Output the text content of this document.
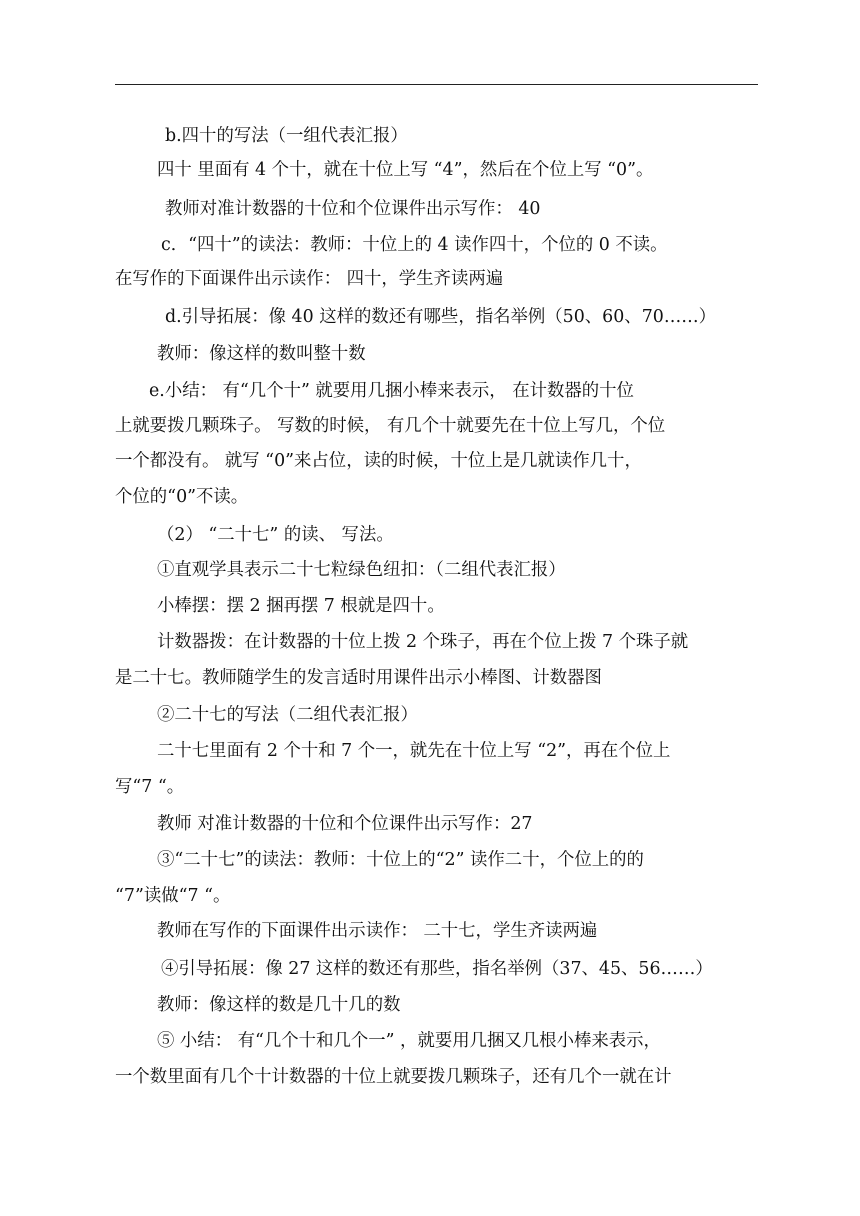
b.四十的写法（一组代表汇报）
四十 里面有 4 个十，就在十位上写 “4”，然后在个位上写 “0”。
教师对准计数器的十位和个位课件出示写作： 40
c．“四十”的读法：教师：十位上的 4 读作四十，个位的 0 不读。
在写作的下面课件出示读作： 四十，学生齐读两遍
d.引导拓展：像 40 这样的数还有哪些，指名举例（50、60、70……）
教师：像这样的数叫整十数
e.小结： 有“几个十” 就要用几捆小棒来表示， 在计数器的十位
上就要拨几颗珠子。 写数的时候， 有几个十就要先在十位上写几，个位
一个都没有。 就写 “0”来占位，读的时候，十位上是几就读作几十，
个位的“0”不读。
（2） “二十七” 的读、 写法。
①直观学具表示二十七粒绿色纽扣：（二组代表汇报）
小棒摆：摆 2 捆再摆 7 根就是四十。
计数器拨：在计数器的十位上拨 2 个珠子，再在个位上拨 7 个珠子就
是二十七。教师随学生的发言适时用课件出示小棒图、计数器图
②二十七的写法（二组代表汇报）
二十七里面有 2 个十和 7 个一，就先在十位上写 “2”，再在个位上
写“7 “。
教师 对准计数器的十位和个位课件出示写作：27
③“二十七”的读法：教师：十位上的“2” 读作二十，个位上的的
“7”读做“7 “。
教师在写作的下面课件出示读作： 二十七，学生齐读两遍
④引导拓展：像 27 这样的数还有那些，指名举例（37、45、56……）
教师：像这样的数是几十几的数
⑤ 小结： 有“几个十和几个一” ，就要用几捆又几根小棒来表示，
一个数里面有几个十计数器的十位上就要拨几颗珠子，还有几个一就在计
